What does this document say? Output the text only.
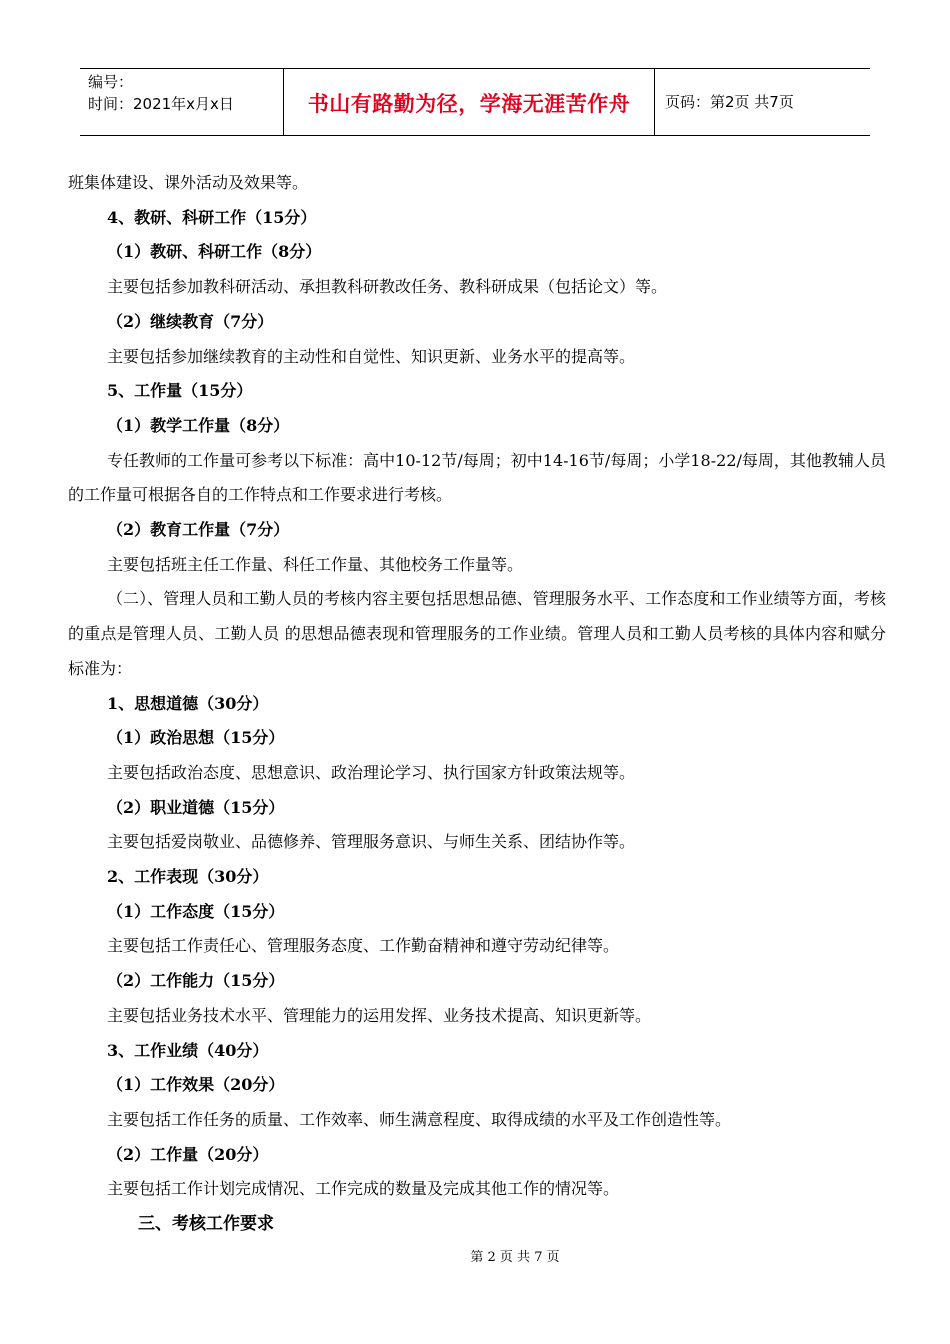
编号：
时间：2021年x月x日	书山有路勤为径，学海无涯苦作舟 页码：第2页 共7页
班集体建设、课外活动及效果等。
4、教研、科研工作（15分）
（1）教研、科研工作（8分）
主要包括参加教科研活动、承担教科研教改任务、教科研成果（包括论文）等。
（2）继续教育（7分）
主要包括参加继续教育的主动性和自觉性、知识更新、业务水平的提高等。
5、工作量（15分）
（1）教学工作量（8分）
专任教师的工作量可参考以下标准：高中10-12节/每周；初中14-16节/每周；小学18-22/每周，其他教辅人员的工作量可根据各自的工作特点和工作要求进行考核。
（2）教育工作量（7分）
主要包括班主任工作量、科任工作量、其他校务工作量等。
（二）、管理人员和工勤人员的考核内容主要包括思想品德、管理服务水平、工作态度和工作业绩等方面，考核的重点是管理人员、工勤人员 的思想品德表现和管理服务的工作业绩。管理人员和工勤人员考核的具体内容和赋分标准为：
1、思想道德（30分）
（1）政治思想（15分）
主要包括政治态度、思想意识、政治理论学习、执行国家方针政策法规等。
（2）职业道德（15分）
主要包括爱岗敬业、品德修养、管理服务意识、与师生关系、团结协作等。
2、工作表现（30分）
（1）工作态度（15分）
主要包括工作责任心、管理服务态度、工作勤奋精神和遵守劳动纪律等。
（2）工作能力（15分）
主要包括业务技术水平、管理能力的运用发挥、业务技术提高、知识更新等。
3、工作业绩（40分）
（1）工作效果（20分）
主要包括工作任务的质量、工作效率、师生满意程度、取得成绩的水平及工作创造性等。
（2）工作量（20分）
主要包括工作计划完成情况、工作完成的数量及完成其他工作的情况等。
三、考核工作要求
第 2 页 共 7 页
